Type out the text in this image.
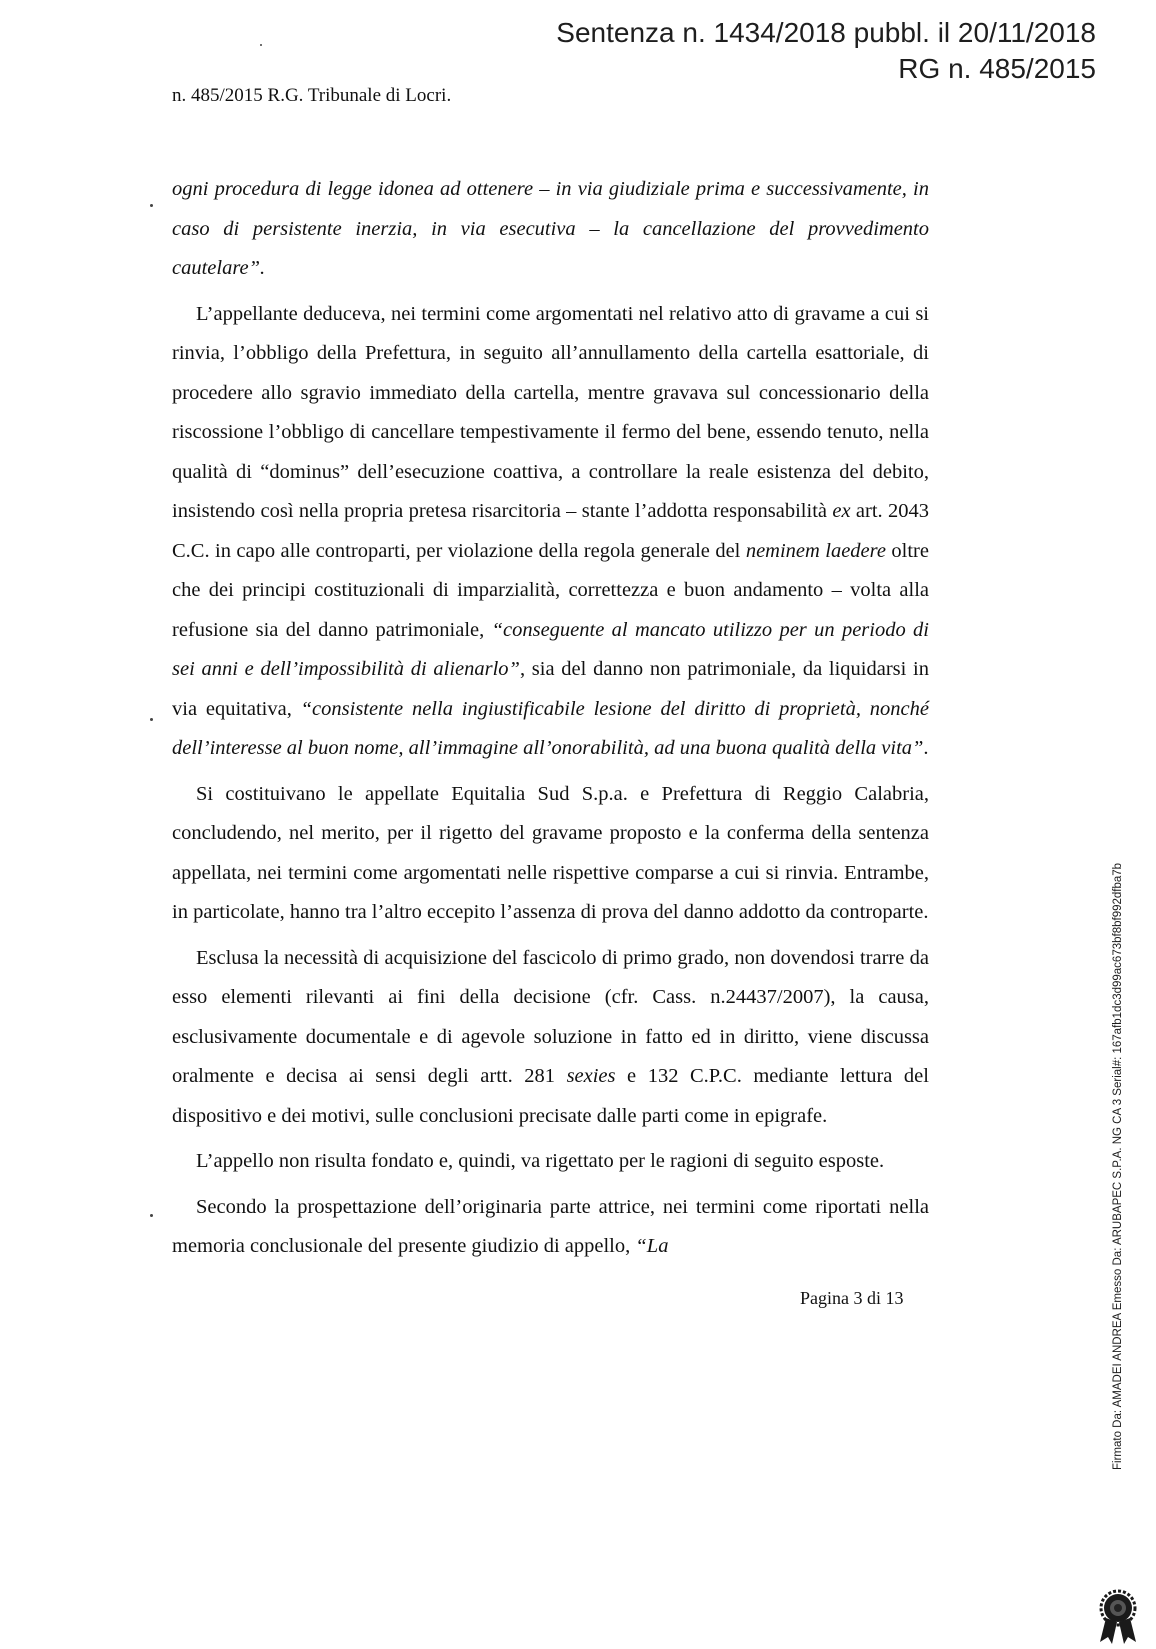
Sentenza n. 1434/2018 pubbl. il 20/11/2018
RG n. 485/2015
n. 485/2015 R.G. Tribunale di Locri.

ogni procedura di legge idonea ad ottenere – in via giudiziale prima e successivamente, in caso di persistente inerzia, in via esecutiva – la cancellazione del provvedimento cautelare”.

L’appellante deduceva, nei termini come argomentati nel relativo atto di gravame a cui si rinvia, l’obbligo della Prefettura, in seguito all’annullamento della cartella esattoriale, di procedere allo sgravio immediato della cartella, mentre gravava sul concessionario della riscossione l’obbligo di cancellare tempestivamente il fermo del bene, essendo tenuto, nella qualità di “dominus” dell’esecuzione coattiva, a controllare la reale esistenza del debito, insistendo così nella propria pretesa risarcitoria – stante l’addotta responsabilità ex art. 2043 C.C. in capo alle controparti, per violazione della regola generale del neminem laedere oltre che dei principi costituzionali di imparzialità, correttezza e buon andamento – volta alla refusione sia del danno patrimoniale, “conseguente al mancato utilizzo per un periodo di sei anni e dell’impossibilità di alienarlo”, sia del danno non patrimoniale, da liquidarsi in via equitativa, “consistente nella ingiustificabile lesione del diritto di proprietà, nonché dell’interesse al buon nome, all’immagine all’onorabilità, ad una buona qualità della vita”.

Si costituivano le appellate Equitalia Sud S.p.a. e Prefettura di Reggio Calabria, concludendo, nel merito, per il rigetto del gravame proposto e la conferma della sentenza appellata, nei termini come argomentati nelle rispettive comparse a cui si rinvia. Entrambe, in particolate, hanno tra l’altro eccepito l’assenza di prova del danno addotto da controparte.

Esclusa la necessità di acquisizione del fascicolo di primo grado, non dovendosi trarre da esso elementi rilevanti ai fini della decisione (cfr. Cass. n.24437/2007), la causa, esclusivamente documentale e di agevole soluzione in fatto ed in diritto, viene discussa oralmente e decisa ai sensi degli artt. 281 sexies e 132 C.P.C. mediante lettura del dispositivo e dei motivi, sulle conclusioni precisate dalle parti come in epigrafe.

L’appello non risulta fondato e, quindi, va rigettato per le ragioni di seguito esposte.

Secondo la prospettazione dell’originaria parte attrice, nei termini come riportati nella memoria conclusionale del presente giudizio di appello, “La

Pagina 3 di 13	Firmato Da: AMADEI ANDREA Emesso Da: ARUBAPEC S.P.A. NG CA 3 Serial#: 167afb1dc3d99ac673bf8bf992dfba7b
